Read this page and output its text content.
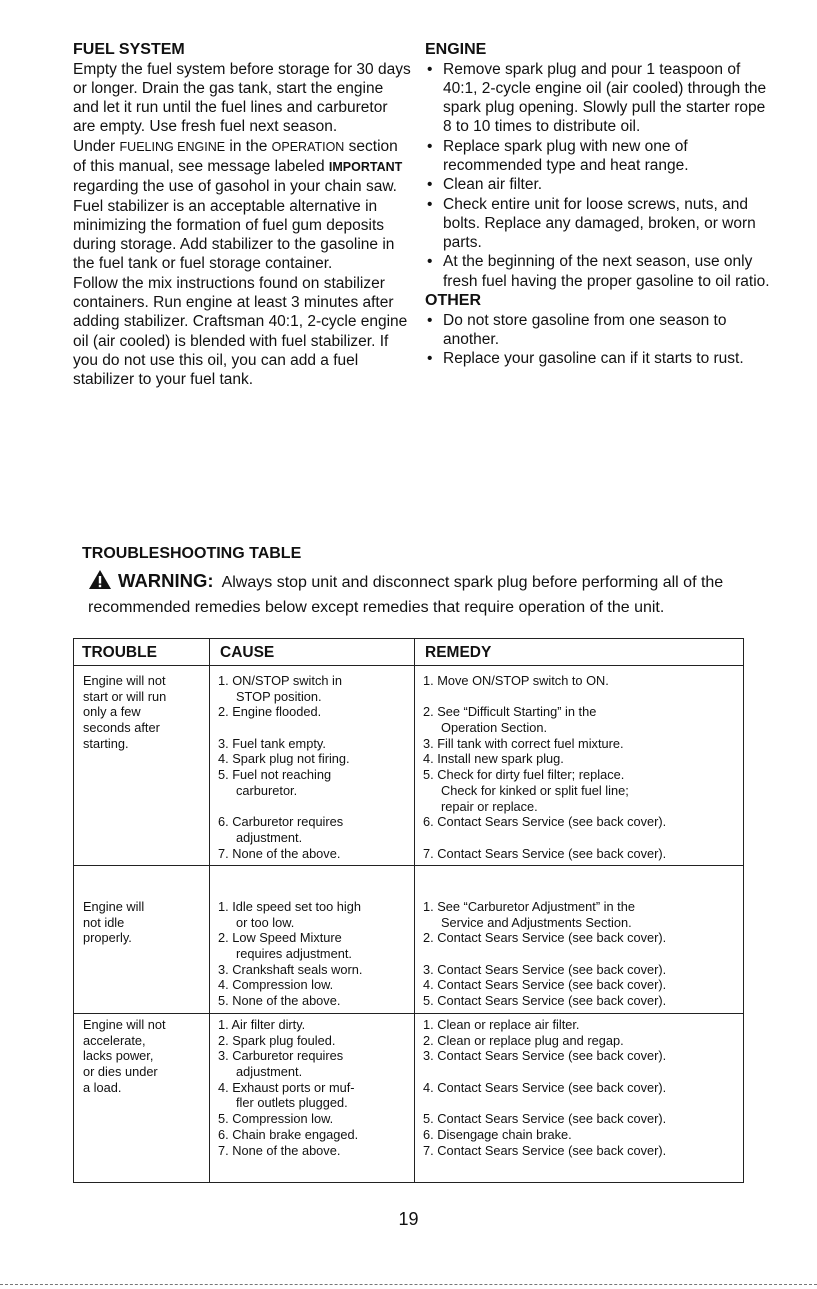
FUEL SYSTEM

Empty the fuel system before storage for 30 days or longer. Drain the gas tank, start the engine and let it run until the fuel lines and carburetor are empty. Use fresh fuel next season.

Under FUELING ENGINE in the OPERATION section of this manual, see message labeled IMPORTANT regarding the use of gasohol in your chain saw. Fuel stabilizer is an acceptable alternative in minimizing the formation of fuel gum deposits during storage. Add stabilizer to the gasoline in the fuel tank or fuel storage container.

Follow the mix instructions found on stabilizer containers. Run engine at least 3 minutes after adding stabilizer. Craftsman 40:1, 2-cycle engine oil (air cooled) is blended with fuel stabilizer. If you do not use this oil, you can add a fuel stabilizer to your fuel tank.

ENGINE

• Remove spark plug and pour 1 teaspoon of 40:1, 2-cycle engine oil (air cooled) through the spark plug opening. Slowly pull the starter rope 8 to 10 times to distribute oil.

• Replace spark plug with new one of recommended type and heat range.

• Clean air filter.

• Check entire unit for loose screws, nuts, and bolts. Replace any damaged, broken, or worn parts.

• At the beginning of the next season, use only fresh fuel having the proper gasoline to oil ratio.

OTHER

• Do not store gasoline from one season to another.

• Replace your gasoline can if it starts to rust.

TROUBLESHOOTING TABLE
WARNING: Always stop unit and disconnect spark plug before performing all of the recommended remedies below except remedies that require operation of the unit.
TROUBLE	CAUSE	REMEDY
Engine will not
start or will run
only a few
seconds after
starting.
1. ON/STOP switch in
STOP position.
2. Engine flooded.
3. Fuel tank empty.
4. Spark plug not firing.
5. Fuel not reaching
carburetor.
6. Carburetor requires
adjustment.
7. None of the above.
1. Move ON/STOP switch to ON.
2. See “Difficult Starting” in the
Operation Section.
3. Fill tank with correct fuel mixture.
4. Install new spark plug.
5. Check for dirty fuel filter; replace.
Check for kinked or split fuel line;
repair or replace.
6. Contact Sears Service (see back cover).
7. Contact Sears Service (see back cover).
Engine will
not idle
properly.
1. Idle speed set too high
or too low.
2. Low Speed Mixture
requires adjustment.
3. Crankshaft seals worn.
4. Compression low.
5. None of the above.
1. See “Carburetor Adjustment” in the
Service and Adjustments Section.
2. Contact Sears Service (see back cover).
3. Contact Sears Service (see back cover).
4. Contact Sears Service (see back cover).
5. Contact Sears Service (see back cover).
Engine will not
accelerate,
lacks power,
or dies under
a load.
1. Air filter dirty.
2. Spark plug fouled.
3. Carburetor requires
adjustment.
4. Exhaust ports or muf-
fler outlets plugged.
5. Compression low.
6. Chain brake engaged.
7. None of the above.
1. Clean or replace air filter.
2. Clean or replace plug and regap.
3. Contact Sears Service (see back cover).
4. Contact Sears Service (see back cover).
5. Contact Sears Service (see back cover).
6. Disengage chain brake.
7. Contact Sears Service (see back cover).
19
